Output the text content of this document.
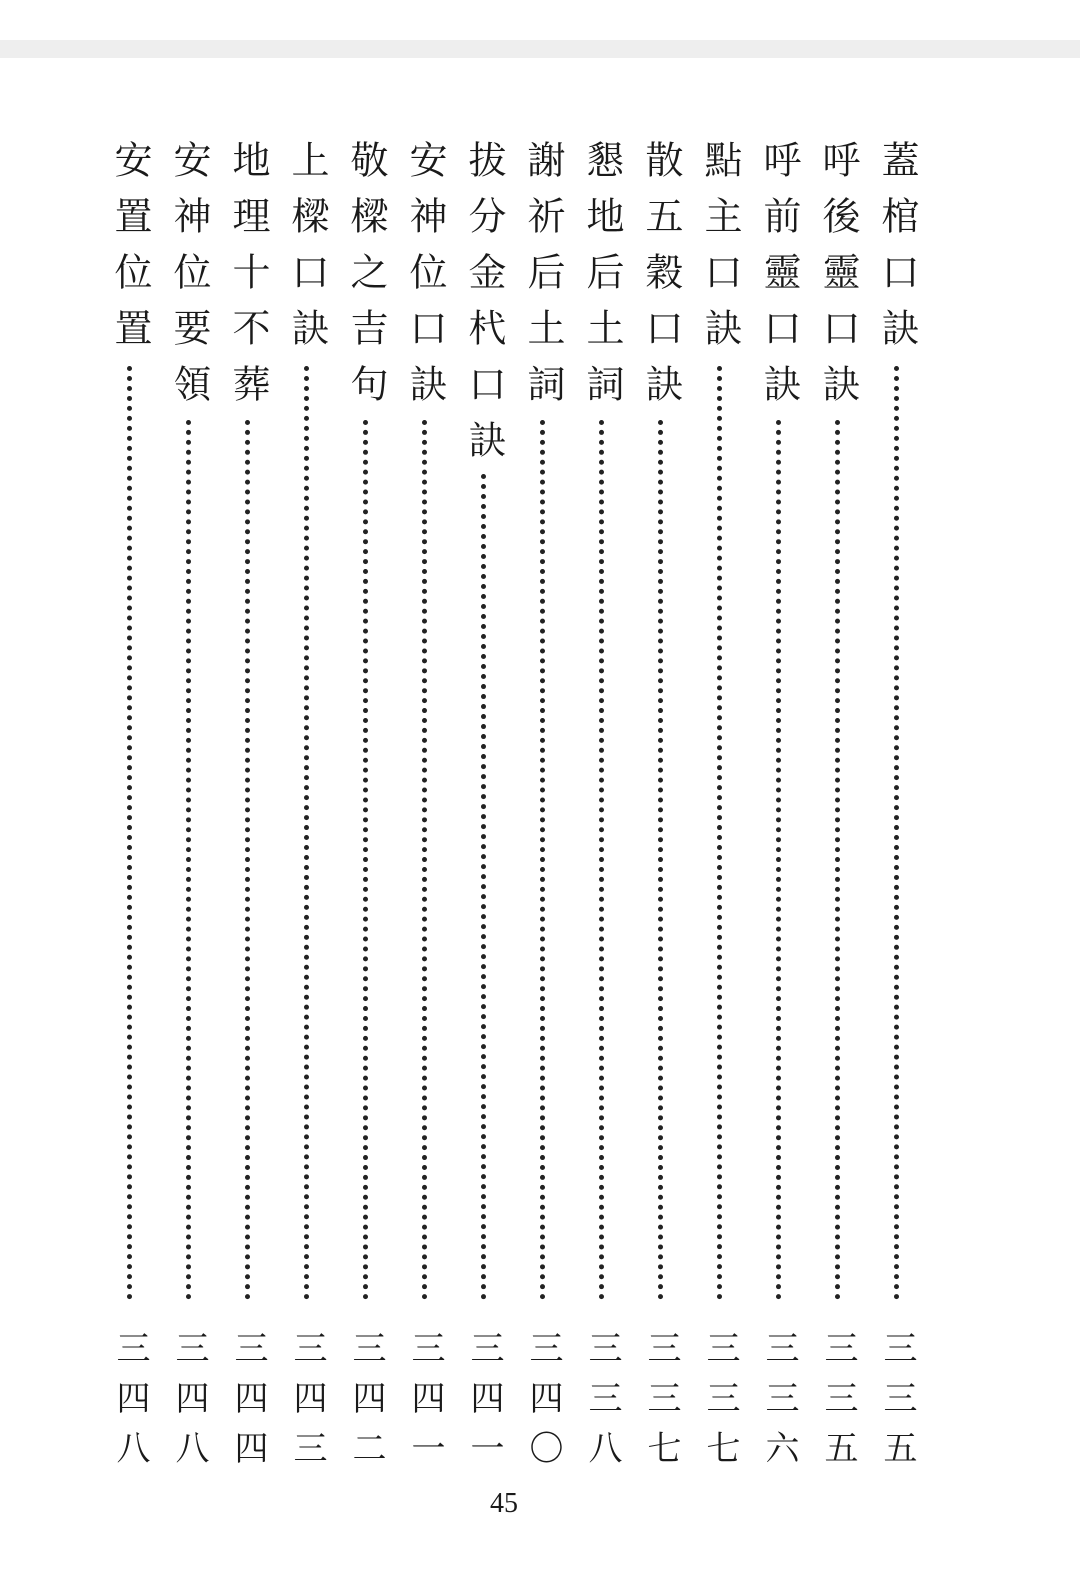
蓋棺口訣
三三五
呼後靈口訣
三三五
呼前靈口訣
三三六
點主口訣
三三七
散五穀口訣
三三七
懇地后土詞
三三八
謝祈后土詞
三四〇
拔分金杙口訣
三四一
安神位口訣
三四一
敬樑之吉句
三四二
上樑口訣
三四三
地理十不葬
三四四
安神位要領
三四八
安置位置
三四八
45
